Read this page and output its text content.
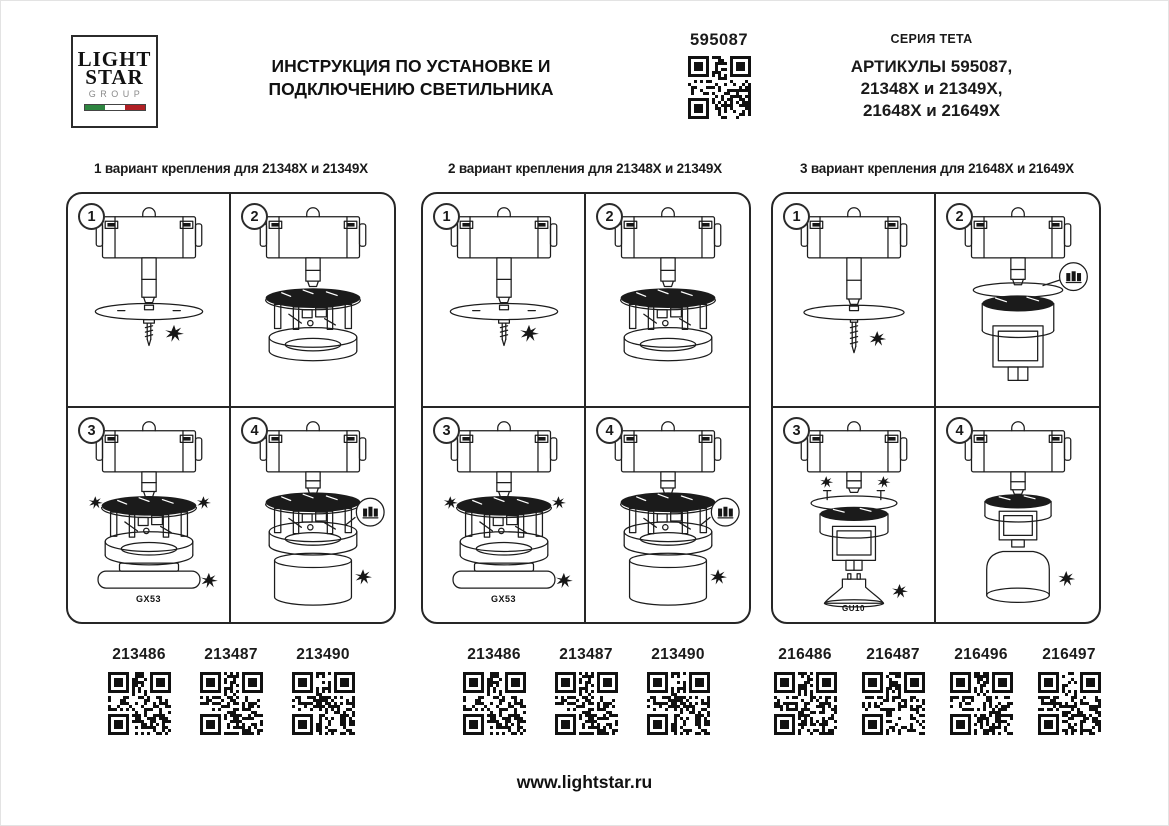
LIGHT
STAR
GROUP
ИНСТРУКЦИЯ ПО УСТАНОВКЕ И
ПОДКЛЮЧЕНИЮ СВЕТИЛЬНИКА
595087	СЕРИЯ ТЕТА
АРТИКУЛЫ 595087,
21348X и 21349X,
21648X и 21649X
1 вариант крепления для 21348X и 21349X	2 вариант крепления для 21348X и 21349X	3 вариант крепления для 21648X и 21649X
1	2
3
GX53
4
1	2
3
GX53
4
1	2
3
GU10
4
213486	213487	213490	213486	213487	213490	216486	216487	216496	216497
www.lightstar.ru
